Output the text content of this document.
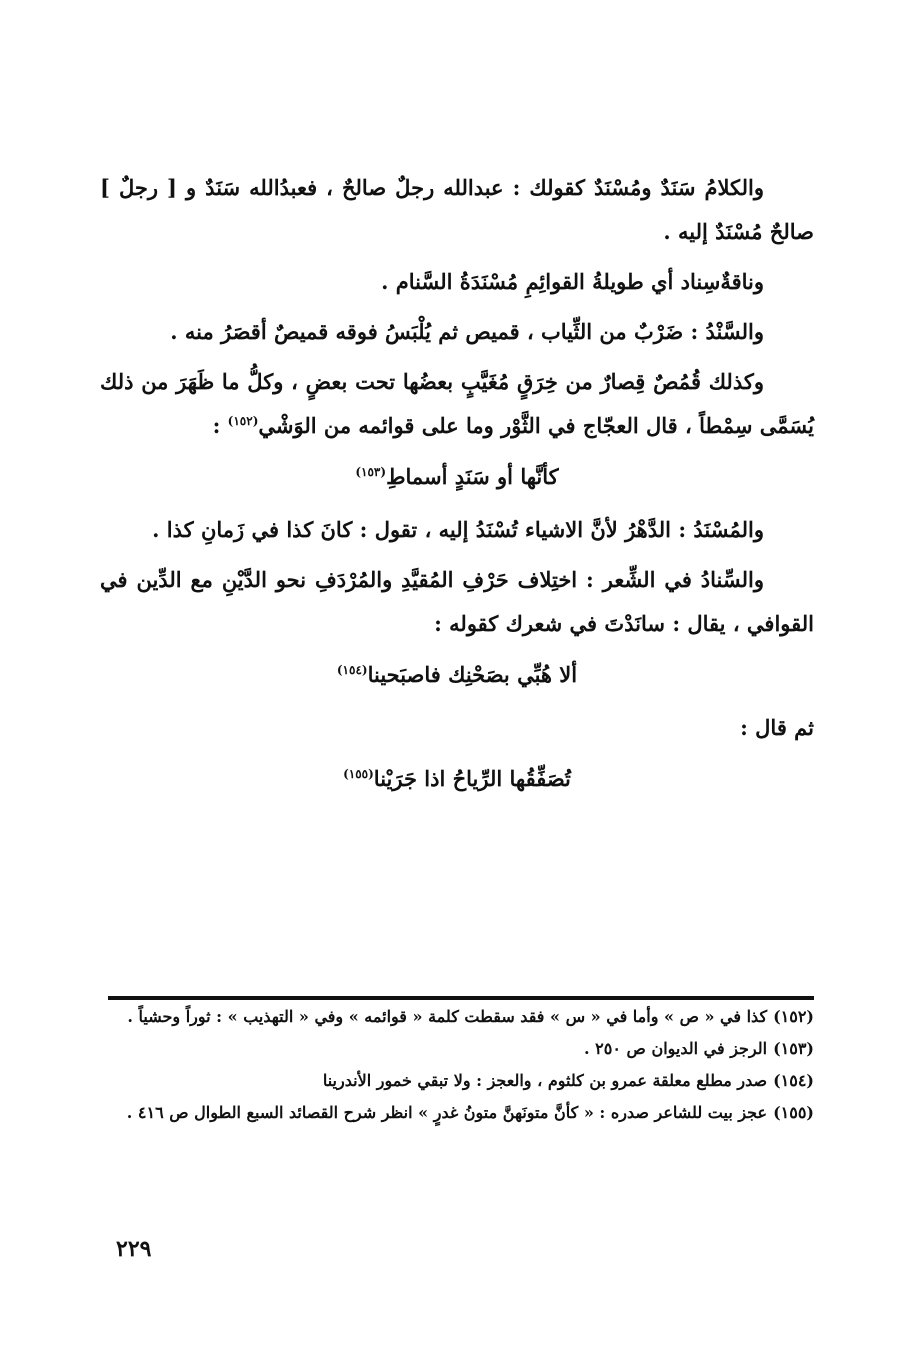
والكلامُ سَنَدٌ ومُسْنَدٌ كقولك : عبدالله رجلٌ صالحٌ ، فعبدُالله سَنَدٌ و [ رجلٌ ] صالحٌ مُسْنَدٌ إليه .

وناقةٌسِناد أي طويلةُ القوائِمِ مُسْنَدَةُ السَّنام .

والسَّنْدُ : ضَرْبٌ من الثِّياب ، قميص ثم يُلْبَسُ فوقه قميصٌ أقصَرُ منه .

وكذلك قُمُصٌ قِصارٌ من خِرَقٍ مُغَيَّبٍ بعضُها تحت بعضٍ ، وكلُّ ما ظَهَرَ من ذلك يُسَمَّى سِمْطاً ، قال العجّاج في الثَّوْر وما على قوائمه من الوَشْي$^{(١٥٢)}$ :

كأنَّها أو سَنَدٍ أسماطِ$^{(١٥٣)}$

والمُسْنَدُ : الدَّهْرُ لأنَّ الاشياء تُسْنَدُ إليه ، تقول : كانَ كذا في زَمانِ كذا .

والسِّنادُ في الشِّعر : اختِلاف حَرْفِ المُقيَّدِ والمُرْدَفِ نحو الدَّيْنِ مع الدِّين في القوافي ، يقال : سانَدْتَ في شعرك كقوله :

ألا هُبِّي بصَحْنِك فاصبَحينا$^{(١٥٤)}$

ثم قال :

تُصَفِّقُها الرِّياحُ اذا جَرَيْنا$^{(١٥٥)}$

(١٥٢)كذا في « ص » وأما في « س » فقد سقطت كلمة « قوائمه » وفي « التهذيب » : ثوراً وحشياً .

(١٥٣)الرجز في الديوان ص ٢٥٠ .

(١٥٤)صدر مطلع معلقة عمرو بن كلثوم ، والعجز : ولا تبقي خمور الأندرينا

(١٥٥)عجز بيت للشاعر صدره : « كأنَّ متونَهنَّ متونُ غدرٍ » انظر شرح القصائد السبع الطوال ص ٤١٦ .

٢٢٩
